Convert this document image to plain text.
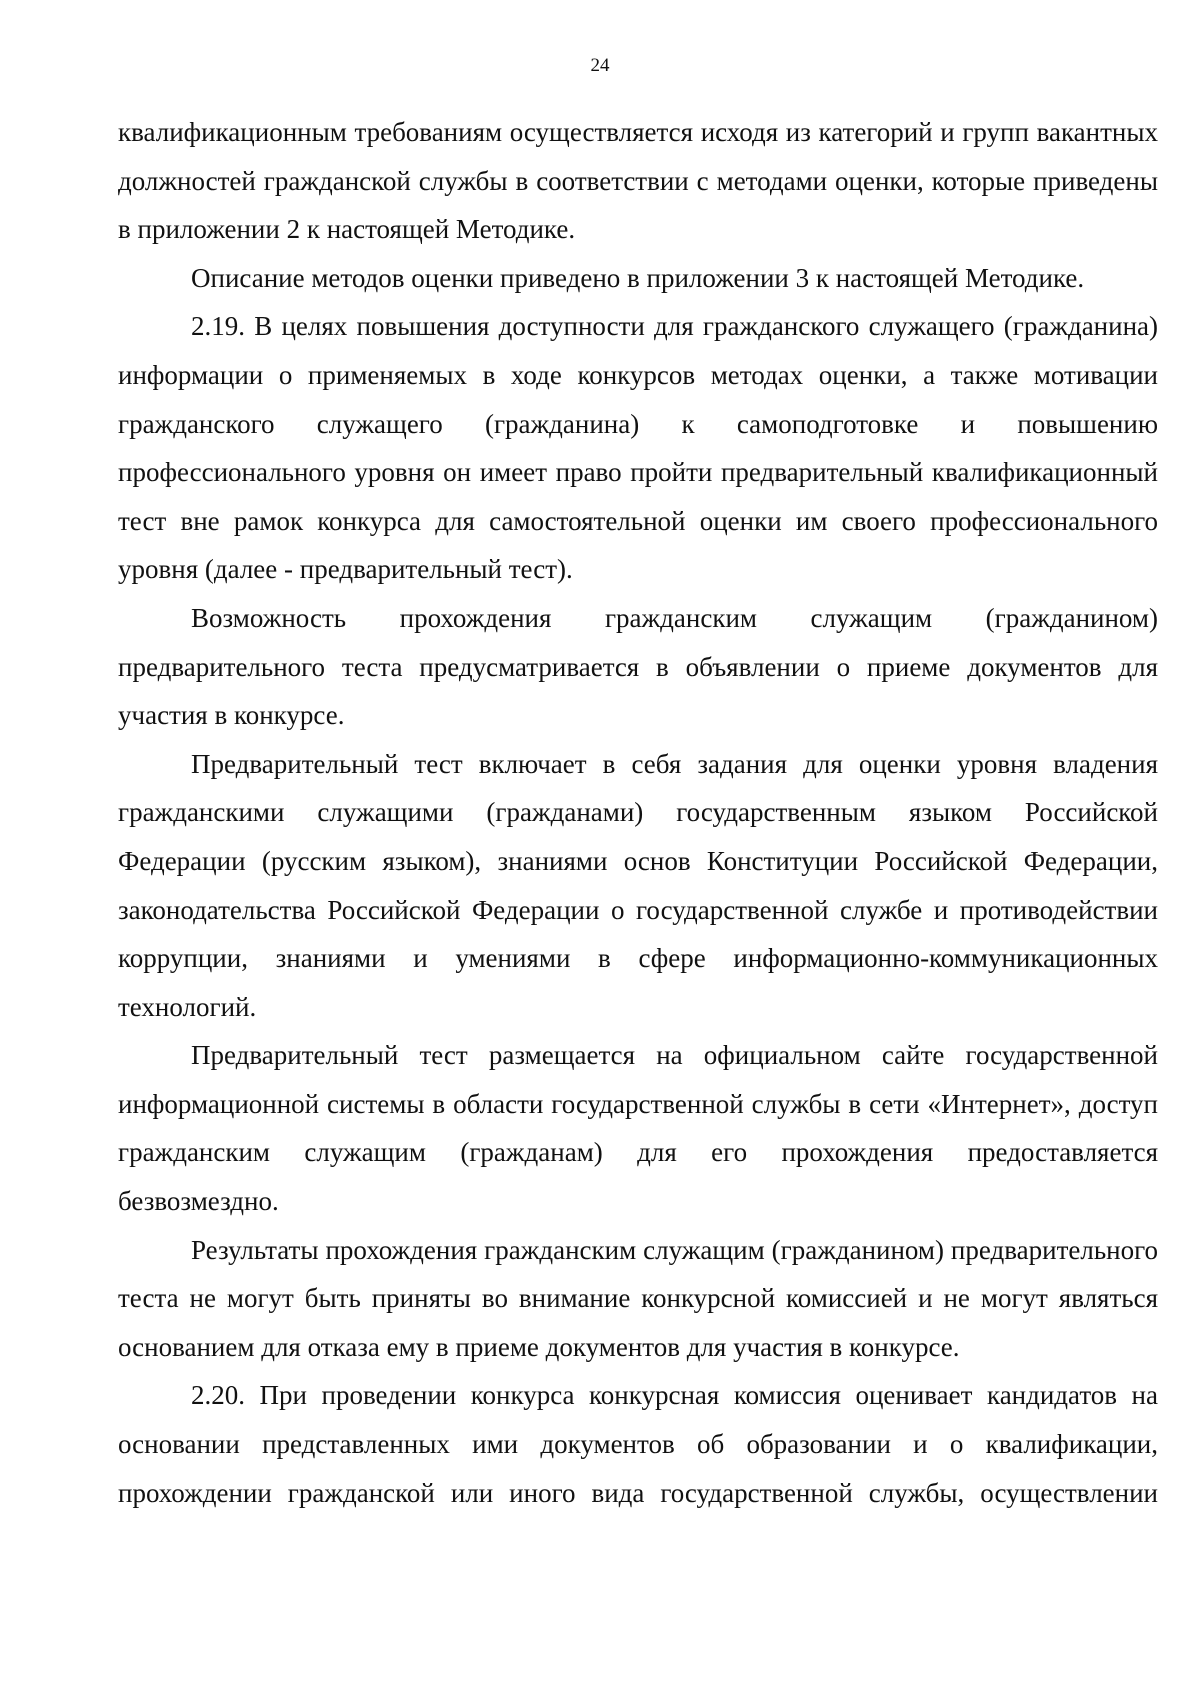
24

квалификационным требованиям осуществляется исходя из категорий и групп вакантных должностей гражданской службы в соответствии с методами оценки, которые приведены в приложении 2 к настоящей Методике.

Описание методов оценки приведено в приложении 3 к настоящей Методике.

2.19. В целях повышения доступности для гражданского служащего (гражданина) информации о применяемых в ходе конкурсов методах оценки, а также мотивации гражданского служащего (гражданина) к самоподготовке и повышению профессионального уровня он имеет право пройти предварительный квалификационный тест вне рамок конкурса для самостоятельной оценки им своего профессионального уровня (далее - предварительный тест).

Возможность прохождения гражданским служащим (гражданином) предварительного теста предусматривается в объявлении о приеме документов для участия в конкурсе.

Предварительный тест включает в себя задания для оценки уровня владения гражданскими служащими (гражданами) государственным языком Российской Федерации (русским языком), знаниями основ Конституции Российской Федерации, законодательства Российской Федерации о государственной службе и противодействии коррупции, знаниями и умениями в сфере информационно-коммуникационных технологий.

Предварительный тест размещается на официальном сайте государственной информационной системы в области государственной службы в сети «Интернет», доступ гражданским служащим (гражданам) для его прохождения предоставляется безвозмездно.

Результаты прохождения гражданским служащим (гражданином) предварительного теста не могут быть приняты во внимание конкурсной комиссией и не могут являться основанием для отказа ему в приеме документов для участия в конкурсе.

2.20. При проведении конкурса конкурсная комиссия оценивает кандидатов на основании представленных ими документов об образовании и о квалификации, прохождении гражданской или иного вида государственной службы, осуществлении
